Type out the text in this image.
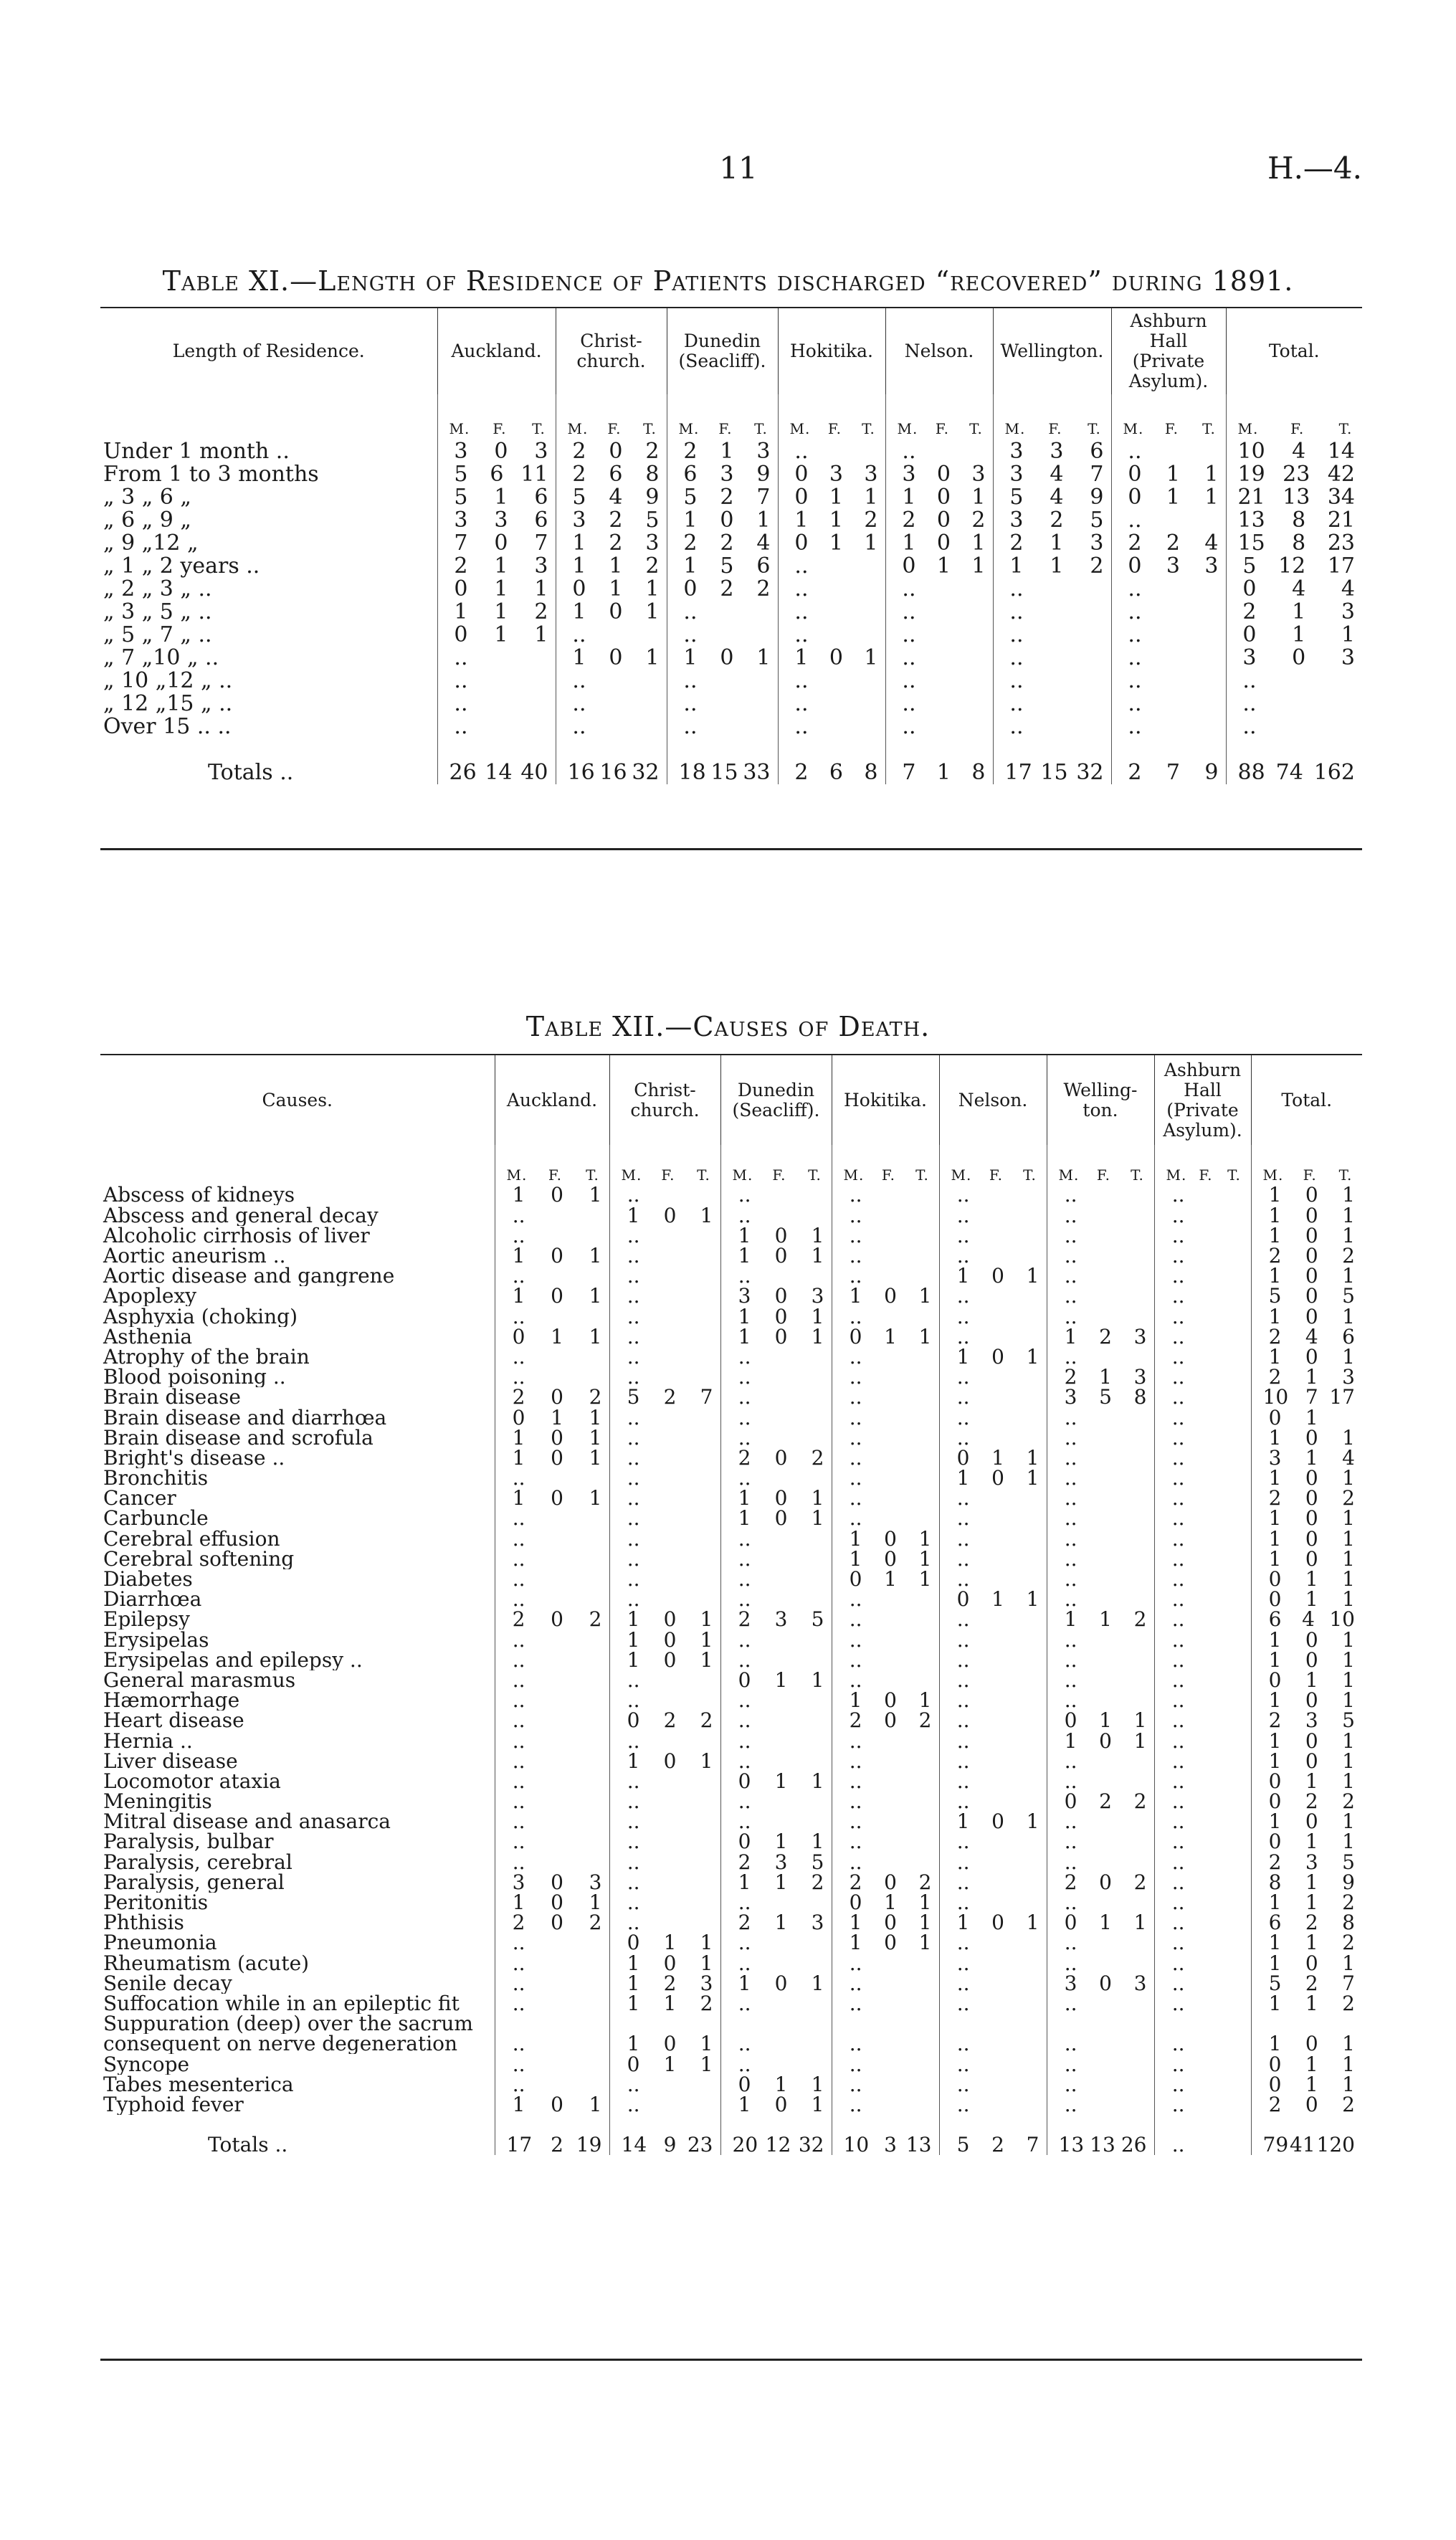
11	H.—4.
Table XI.—Length of Residence of Patients discharged “recovered” during 1891.
Length of Residence.	Auckland.	Christ-church.	Dunedin (Seacliff).	Hokitika.	Nelson.	Wellington.	Ashburn Hall (Private Asylum).	Total.

	M. F. T.	M. F. T.	M. F. T.	M. F. T.	M. F. T.	M. F. T.	M. F. T.	M. F. T.

Under 1 month ..	3 0 3	2 0 2	2 1 3	..	..	3 3 6	..	10 4 14

From 1 to 3 months	5 6 11	2 6 8	6 3 9	0 3 3	3 0 3	3 4 7	0 1 1	19 23 42

„ 3 „ 6 „	5 1 6	5 4 9	5 2 7	0 1 1	1 0 1	5 4 9	0 1 1	21 13 34

„ 6 „ 9 „	3 3 6	3 2 5	1 0 1	1 1 2	2 0 2	3 2 5	..	13 8 21

„ 9 „12 „	7 0 7	1 2 3	2 2 4	0 1 1	1 0 1	2 1 3	2 2 4	15 8 23

„ 1 „ 2 years ..	2 1 3	1 1 2	1 5 6	..	0 1 1	1 1 2	0 3 3	5 12 17

„ 2 „ 3 „ ..	0 1 1	0 1 1	0 2 2	..	..	..	..	0 4 4

„ 3 „ 5 „ ..	1 1 2	1 0 1	..	..	..	..	..	2 1 3

„ 5 „ 7 „ ..	0 1 1	..	..	..	..	..	..	0 1 1

„ 7 „10 „ ..	..	1 0 1	1 0 1	1 0 1	..	..	..	3 0 3

„ 10 „12 „ ..	..	..	..	..	..	..	..	..

„ 12 „15 „ ..	..	..	..	..	..	..	..	..

Over 15 .. ..	..	..	..	..	..	..	..	..

Totals ..	26 14 40	16 16 32	18 15 33	2 6 8	7 1 8	17 15 32	2 7 9	88 74 162
Table XII.—Causes of Death.
Causes.	Auckland.	Christ-church.	Dunedin (Seacliff).	Hokitika.	Nelson.	Welling-ton.	Ashburn Hall (Private Asylum).	Total.

	M. F. T.	M. F. T.	M. F. T.	M. F. T.	M. F. T.	M. F. T.	M. F. T.	M. F. T.

Abscess of kidneys	1 0 1	..	..	..	..	..	..	1 0 1

Abscess and general decay	..	1 0 1	..	..	..	..	..	1 0 1

Alcoholic cirrhosis of liver	..	..	1 0 1	..	..	..	..	1 0 1

Aortic aneurism ..	1 0 1	..	1 0 1	..	..	..	..	2 0 2

Aortic disease and gangrene	..	..	..	..	1 0 1	..	..	1 0 1

Apoplexy	1 0 1	..	3 0 3	1 0 1	..	..	..	5 0 5

Asphyxia (choking)	..	..	1 0 1	..	..	..	..	1 0 1

Asthenia	0 1 1	..	1 0 1	0 1 1	..	1 2 3	..	2 4 6

Atrophy of the brain	..	..	..	..	1 0 1	..	..	1 0 1

Blood poisoning ..	..	..	..	..	..	2 1 3	..	2 1 3

Brain disease	2 0 2	5 2 7	..	..	..	3 5 8	..	10 7 17

Brain disease and diarrhœa	0 1 1	..	..	..	..	..	..	0 1

Brain disease and scrofula	1 0 1	..	..	..	..	..	..	1 0 1

Bright's disease ..	1 0 1	..	2 0 2	..	0 1 1	..	..	3 1 4

Bronchitis	..	..	..	..	1 0 1	..	..	1 0 1

Cancer	1 0 1	..	1 0 1	..	..	..	..	2 0 2

Carbuncle	..	..	1 0 1	..	..	..	..	1 0 1

Cerebral effusion	..	..	..	1 0 1	..	..	..	1 0 1

Cerebral softening	..	..	..	1 0 1	..	..	..	1 0 1

Diabetes	..	..	..	0 1 1	..	..	..	0 1 1

Diarrhœa	..	..	..	..	0 1 1	..	..	0 1 1

Epilepsy	2 0 2	1 0 1	2 3 5	..	..	1 1 2	..	6 4 10

Erysipelas	..	1 0 1	..	..	..	..	..	1 0 1

Erysipelas and epilepsy ..	..	1 0 1	..	..	..	..	..	1 0 1

General marasmus	..	..	0 1 1	..	..	..	..	0 1 1

Hæmorrhage	..	..	..	1 0 1	..	..	..	1 0 1

Heart disease	..	0 2 2	..	2 0 2	..	0 1 1	..	2 3 5

Hernia ..	..	..	..	..	..	1 0 1	..	1 0 1

Liver disease	..	1 0 1	..	..	..	..	..	1 0 1

Locomotor ataxia	..	..	0 1 1	..	..	..	..	0 1 1

Meningitis	..	..	..	..	..	0 2 2	..	0 2 2

Mitral disease and anasarca	..	..	..	..	1 0 1	..	..	1 0 1

Paralysis, bulbar	..	..	0 1 1	..	..	..	..	0 1 1

Paralysis, cerebral	..	..	2 3 5	..	..	..	..	2 3 5

Paralysis, general	3 0 3	..	1 1 2	2 0 2	..	2 0 2	..	8 1 9

Peritonitis	1 0 1	..	..	0 1 1	..	..	..	1 1 2

Phthisis	2 0 2	..	2 1 3	1 0 1	1 0 1	0 1 1	..	6 2 8

Pneumonia	..	0 1 1	..	1 0 1	..	..	..	1 1 2

Rheumatism (acute)	..	1 0 1	..	..	..	..	..	1 0 1

Senile decay	..	1 2 3	1 0 1	..	..	3 0 3	..	5 2 7

Suffocation while in an epileptic fit	..	1 1 2	..	..	..	..	..	1 1 2

Suppuration (deep) over the sacrum								

consequent on nerve degeneration	..	1 0 1	..	..	..	..	..	1 0 1

Syncope	..	0 1 1	..	..	..	..	..	0 1 1

Tabes mesenterica	..	..	0 1 1	..	..	..	..	0 1 1

Typhoid fever	1 0 1	..	1 0 1	..	..	..	..	2 0 2

Totals ..	17 2 19	14 9 23	20 12 32	10 3 13	5 2 7	13 13 26	..	79 41 120
